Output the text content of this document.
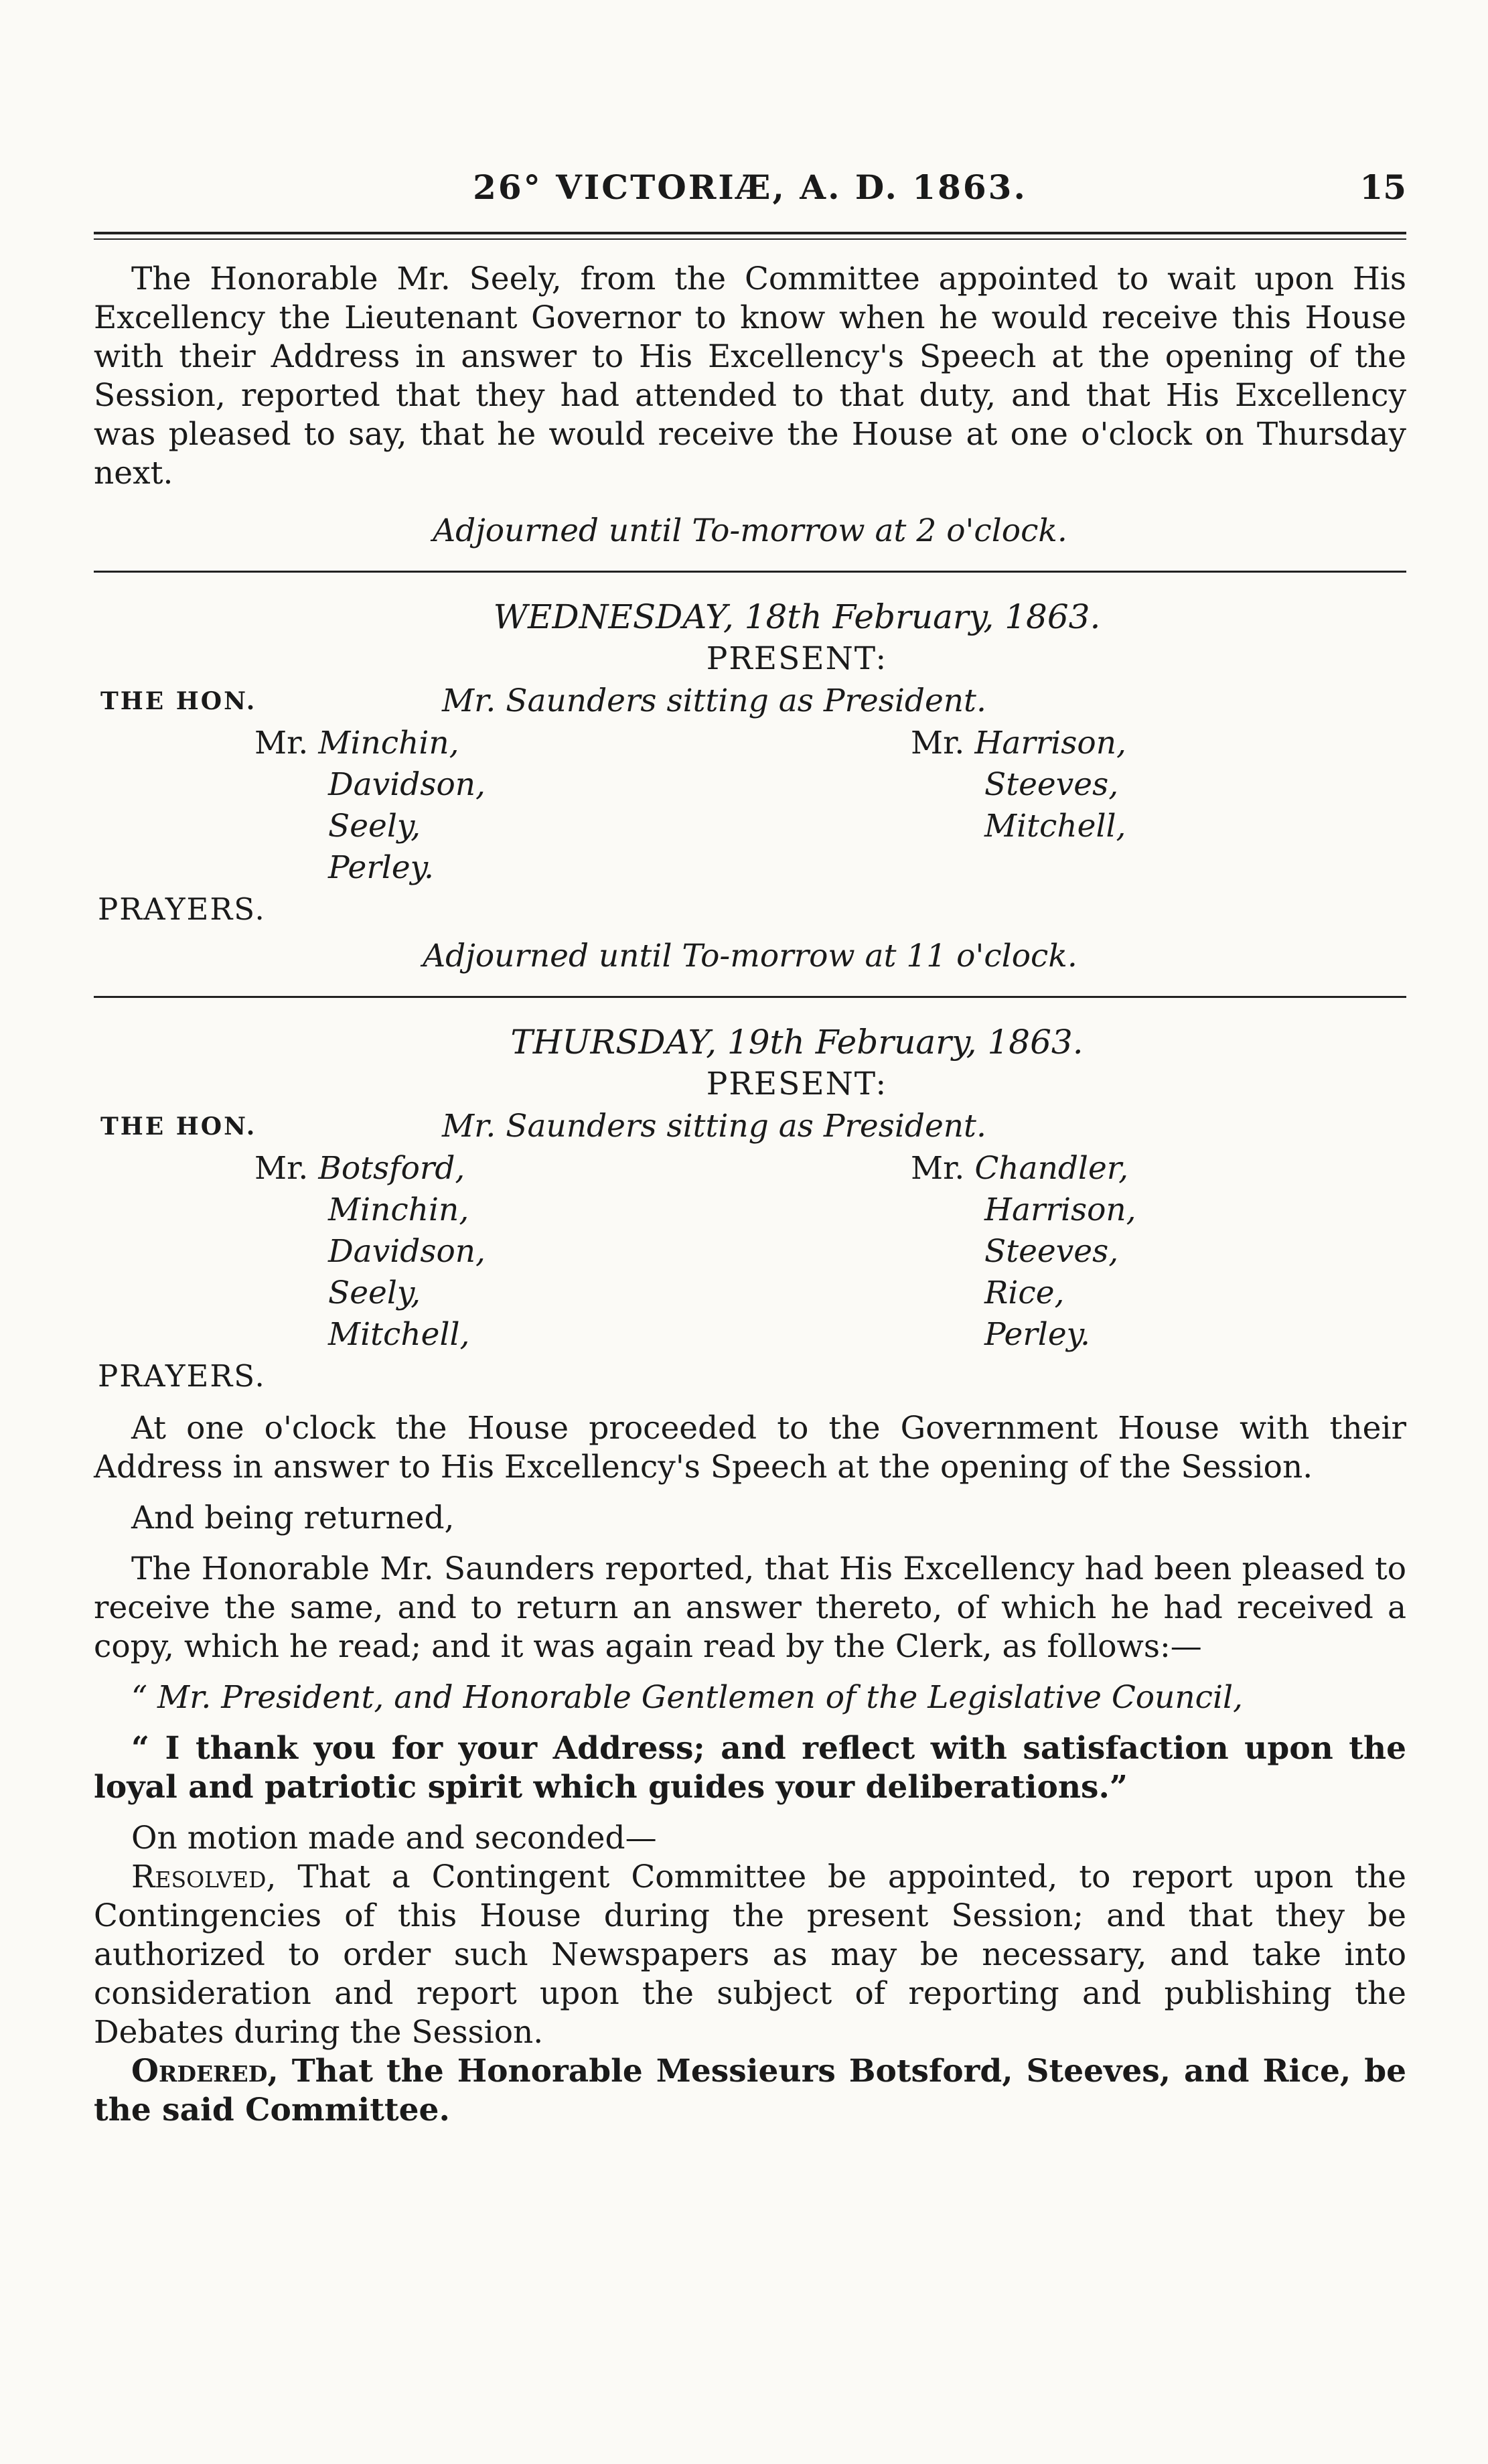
26° VICTORIÆ, A. D. 1863.	15

The Honorable Mr. Seely, from the Committee appointed to wait upon His Excellency the Lieutenant Governor to know when he would receive this House with their Address in answer to His Excellency's Speech at the opening of the Session, reported that they had attended to that duty, and that His Excellency was pleased to say, that he would receive the House at one o'clock on Thursday next.

Adjourned until To-morrow at 2 o'clock.
WEDNESDAY, 18th February, 1863.
PRESENT:
THE HON.	Mr. Saunders sitting as President.
Mr. Minchin,
Davidson,
Seely,
Perley.
Mr. Harrison,
Steeves,
Mitchell,
PRAYERS.
Adjourned until To-morrow at 11 o'clock.
THURSDAY, 19th February, 1863.
PRESENT:
THE HON.	Mr. Saunders sitting as President.
Mr. Botsford,
Minchin,
Davidson,
Seely,
Mitchell,
Mr. Chandler,
Harrison,
Steeves,
Rice,
Perley.
PRAYERS.

At one o'clock the House proceeded to the Government House with their Address in answer to His Excellency's Speech at the opening of the Session.

And being returned,

The Honorable Mr. Saunders reported, that His Excellency had been pleased to receive the same, and to return an answer thereto, of which he had received a copy, which he read; and it was again read by the Clerk, as follows:—

“ Mr. President, and Honorable Gentlemen of the Legislative Council,

“ I thank you for your Address; and reflect with satisfaction upon the loyal and patriotic spirit which guides your deliberations.”

On motion made and seconded—

Resolved, That a Contingent Committee be appointed, to report upon the Contingencies of this House during the present Session; and that they be authorized to order such Newspapers as may be necessary, and take into consideration and report upon the subject of reporting and publishing the Debates during the Session.

Ordered, That the Honorable Messieurs Botsford, Steeves, and Rice, be the said Committee.
